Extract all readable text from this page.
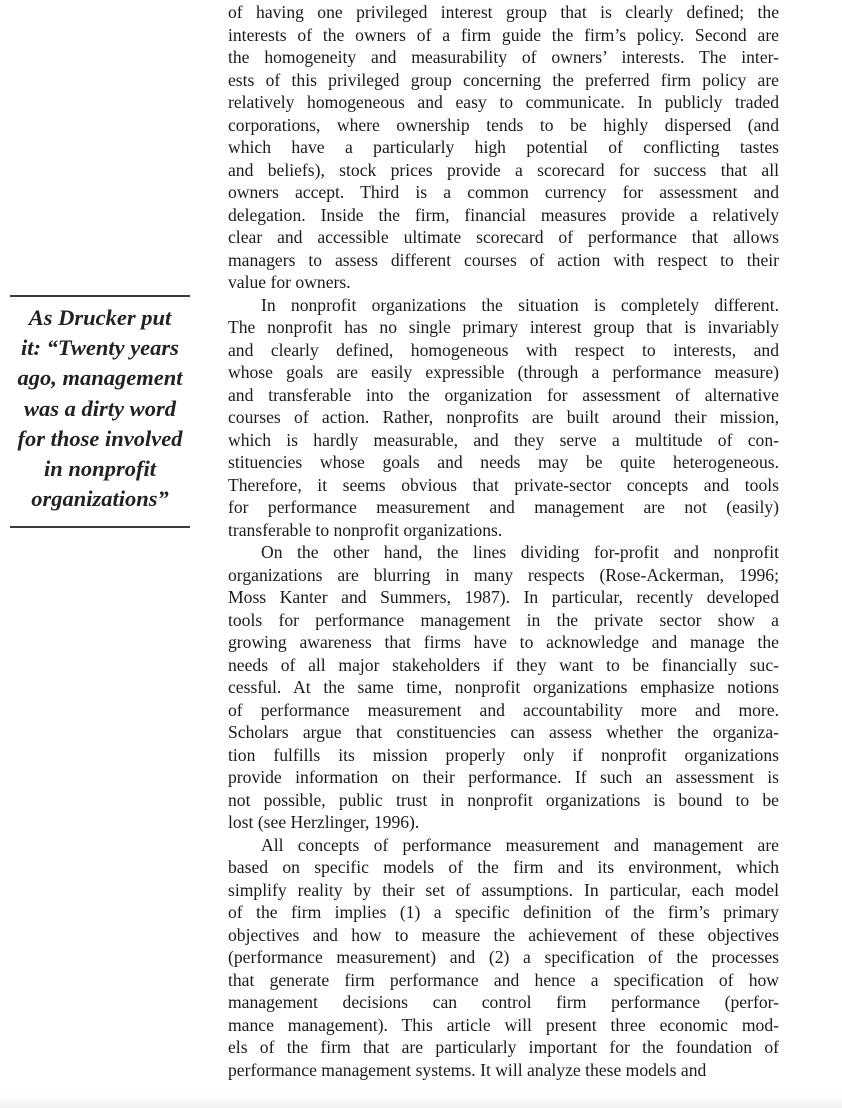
As Drucker put
it: “Twenty years
ago, management
was a dirty word
for those involved
in nonprofit
organizations”

of having one privileged interest group that is clearly defined; the
interests of the owners of a firm guide the firm’s policy. Second are
the homogeneity and measurability of owners’ interests. The inter-
ests of this privileged group concerning the preferred firm policy are
relatively homogeneous and easy to communicate. In publicly traded
corporations, where ownership tends to be highly dispersed (and
which have a particularly high potential of conflicting tastes
and beliefs), stock prices provide a scorecard for success that all
owners accept. Third is a common currency for assessment and
delegation. Inside the firm, financial measures provide a relatively
clear and accessible ultimate scorecard of performance that allows
managers to assess different courses of action with respect to their
value for owners.

In nonprofit organizations the situation is completely different.
The nonprofit has no single primary interest group that is invariably
and clearly defined, homogeneous with respect to interests, and
whose goals are easily expressible (through a performance measure)
and transferable into the organization for assessment of alternative
courses of action. Rather, nonprofits are built around their mission,
which is hardly measurable, and they serve a multitude of con-
stituencies whose goals and needs may be quite heterogeneous.
Therefore, it seems obvious that private-sector concepts and tools
for performance measurement and management are not (easily)
transferable to nonprofit organizations.

On the other hand, the lines dividing for-profit and nonprofit
organizations are blurring in many respects (Rose-Ackerman, 1996;
Moss Kanter and Summers, 1987). In particular, recently developed
tools for performance management in the private sector show a
growing awareness that firms have to acknowledge and manage the
needs of all major stakeholders if they want to be financially suc-
cessful. At the same time, nonprofit organizations emphasize notions
of performance measurement and accountability more and more.
Scholars argue that constituencies can assess whether the organiza-
tion fulfills its mission properly only if nonprofit organizations
provide information on their performance. If such an assessment is
not possible, public trust in nonprofit organizations is bound to be
lost (see Herzlinger, 1996).

All concepts of performance measurement and management are
based on specific models of the firm and its environment, which
simplify reality by their set of assumptions. In particular, each model
of the firm implies (1) a specific definition of the firm’s primary
objectives and how to measure the achievement of these objectives
(performance measurement) and (2) a specification of the processes
that generate firm performance and hence a specification of how
management decisions can control firm performance (perfor-
mance management). This article will present three economic mod-
els of the firm that are particularly important for the foundation of
performance management systems. It will analyze these models and
